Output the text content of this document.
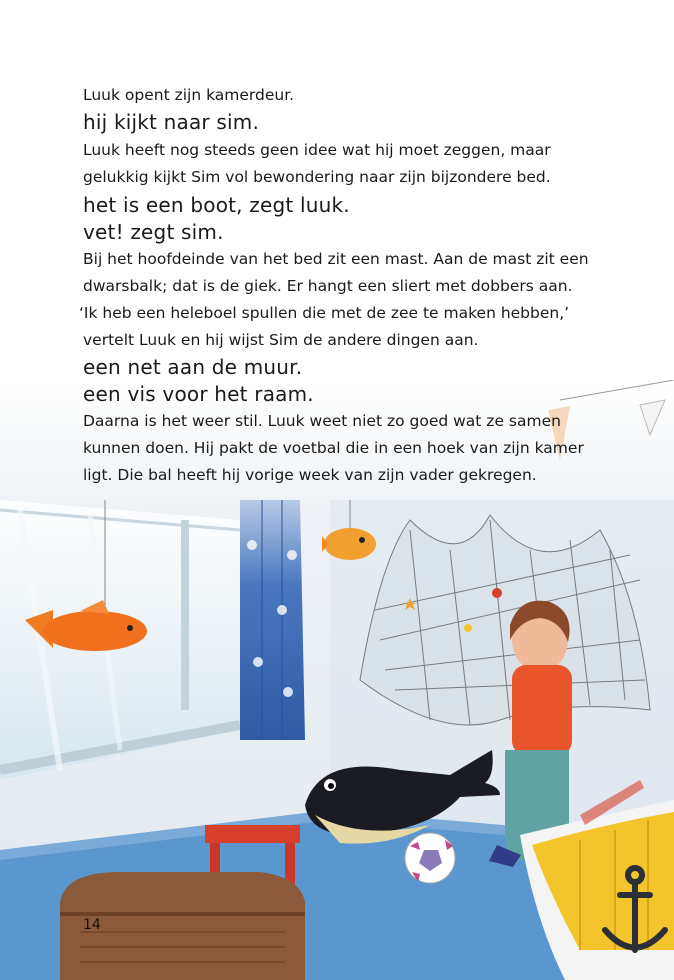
Luuk opent zijn kamerdeur.
hij kijkt naar sim.
Luuk heeft nog steeds geen idee wat hij moet zeggen, maar
gelukkig kijkt Sim vol bewondering naar zijn bijzondere bed.
het is een boot, zegt luuk.
vet! zegt sim.
Bij het hoofdeinde van het bed zit een mast. Aan de mast zit een
dwarsbalk; dat is de giek. Er hangt een sliert met dobbers aan.
‘Ik heb een heleboel spullen die met de zee te maken hebben,’
vertelt Luuk en hij wijst Sim de andere dingen aan.
een net aan de muur.
een vis voor het raam.
Daarna is het weer stil. Luuk weet niet zo goed wat ze samen
kunnen doen. Hij pakt de voetbal die in een hoek van zijn kamer
ligt. Die bal heeft hij vorige week van zijn vader gekregen.
14
